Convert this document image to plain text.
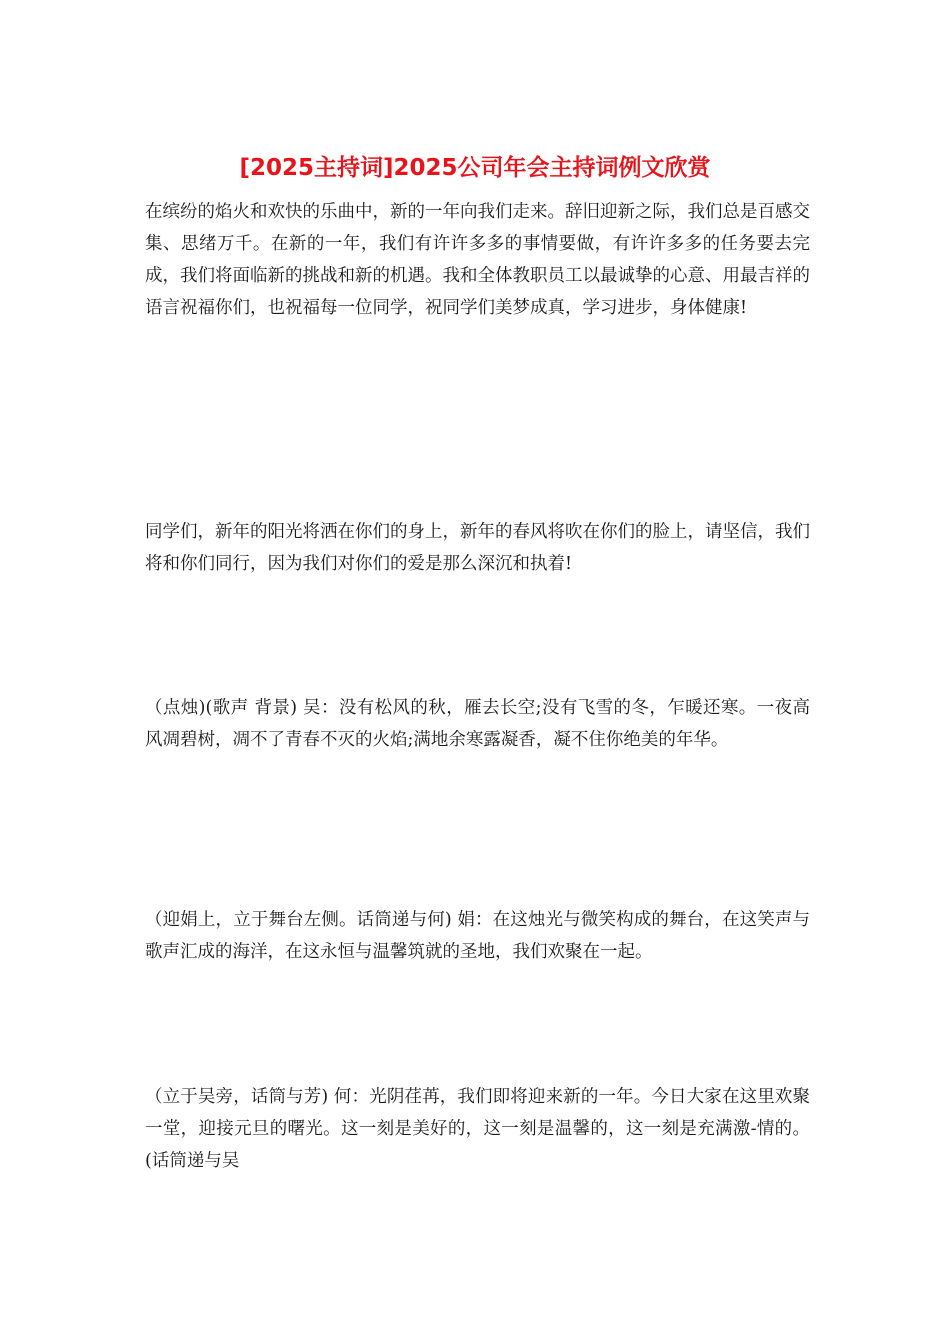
[2025主持词]2025公司年会主持词例文欣赏

在缤纷的焰火和欢快的乐曲中，新的一年向我们走来。辞旧迎新之际，我们总是百感交集、思绪万千。在新的一年，我们有许许多多的事情要做，有许许多多的任务要去完成，我们将面临新的挑战和新的机遇。我和全体教职员工以最诚挚的心意、用最吉祥的语言祝福你们，也祝福每一位同学，祝同学们美梦成真，学习进步，身体健康!

同学们，新年的阳光将洒在你们的身上，新年的春风将吹在你们的脸上，请坚信，我们将和你们同行，因为我们对你们的爱是那么深沉和执着!

（点烛)(歌声 背景) 吴：没有松风的秋，雁去长空;没有飞雪的冬，乍暖还寒。一夜高风凋碧树，凋不了青春不灭的火焰;满地余寒露凝香，凝不住你绝美的年华。

（迎娟上，立于舞台左侧。话筒递与何) 娟：在这烛光与微笑构成的舞台，在这笑声与歌声汇成的海洋，在这永恒与温馨筑就的圣地，我们欢聚在一起。

（立于吴旁，话筒与芳) 何：光阴荏苒，我们即将迎来新的一年。今日大家在这里欢聚一堂，迎接元旦的曙光。这一刻是美好的，这一刻是温馨的，这一刻是充满激-情的。(话筒递与吴
